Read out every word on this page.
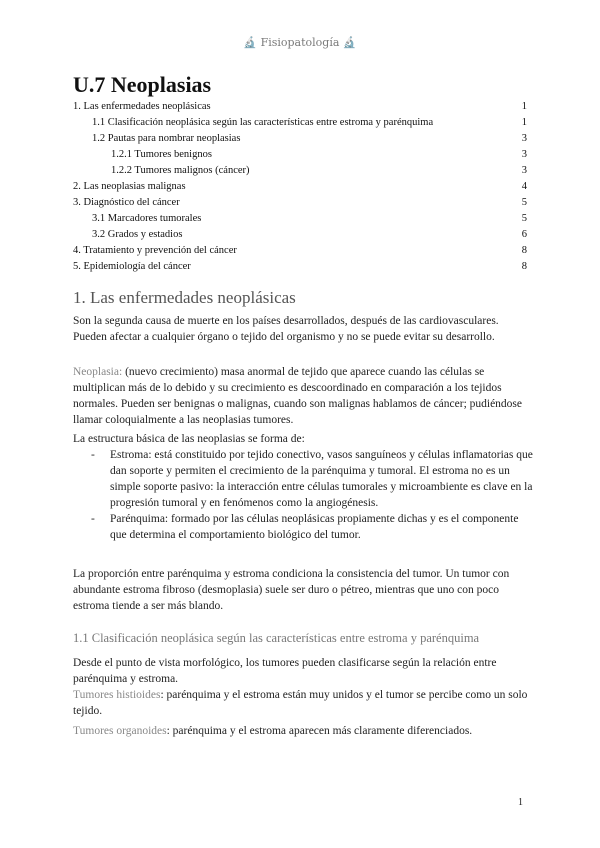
🔬 Fisiopatología 🔬
U.7 Neoplasias
1. Las enfermedades neoplásicas	1
1.1 Clasificación neoplásica según las características entre estroma y parénquima	1
1.2 Pautas para nombrar neoplasias	3
1.2.1 Tumores benignos	3
1.2.2 Tumores malignos (cáncer)	3
2. Las neoplasias malignas	4
3. Diagnóstico del cáncer	5
3.1 Marcadores tumorales	5
3.2 Grados y estadios	6
4. Tratamiento y prevención del cáncer	8
5. Epidemiología del cáncer	8
1. Las enfermedades neoplásicas
Son la segunda causa de muerte en los países desarrollados, después de las cardiovasculares. Pueden afectar a cualquier órgano o tejido del organismo y no se puede evitar su desarrollo.
Neoplasia: (nuevo crecimiento) masa anormal de tejido que aparece cuando las células se multiplican más de lo debido y su crecimiento es descoordinado en comparación a los tejidos normales. Pueden ser benignas o malignas, cuando son malignas hablamos de cáncer; pudiéndose llamar coloquialmente a las neoplasias tumores.
La estructura básica de las neoplasias se forma de:
- Estroma: está constituido por tejido conectivo, vasos sanguíneos y células inflamatorias que dan soporte y permiten el crecimiento de la parénquima y tumoral. El estroma no es un simple soporte pasivo: la interacción entre células tumorales y microambiente es clave en la progresión tumoral y en fenómenos como la angiogénesis.
- Parénquima: formado por las células neoplásicas propiamente dichas y es el componente que determina el comportamiento biológico del tumor.
La proporción entre parénquima y estroma condiciona la consistencia del tumor. Un tumor con abundante estroma fibroso (desmoplasia) suele ser duro o pétreo, mientras que uno con poco estroma tiende a ser más blando.
1.1 Clasificación neoplásica según las características entre estroma y parénquima
Desde el punto de vista morfológico, los tumores pueden clasificarse según la relación entre parénquima y estroma.
Tumores histioides: parénquima y el estroma están muy unidos y el tumor se percibe como un solo tejido.
Tumores organoides: parénquima y el estroma aparecen más claramente diferenciados.
1
